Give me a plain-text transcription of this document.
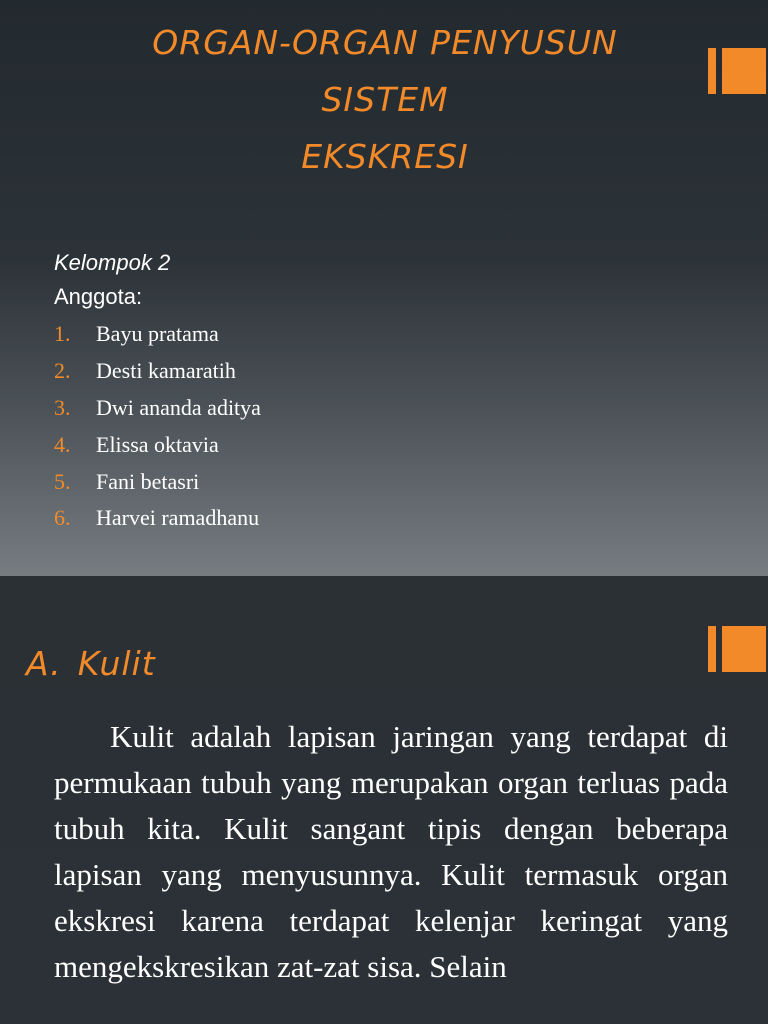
ORGAN-ORGAN PENYUSUN
SISTEM
EKSKRESI
Kelompok 2
Anggota:
1. Bayu pratama
2. Desti kamaratih
3. Dwi ananda aditya
4. Elissa oktavia
5. Fani betasri
6. Harvei ramadhanu
A. Kulit

Kulit adalah lapisan jaringan yang terdapat di permukaan tubuh yang merupakan organ terluas pada tubuh kita. Kulit sangant tipis dengan beberapa lapisan yang menyusunnya. Kulit termasuk organ ekskresi karena terdapat kelenjar keringat yang mengekskresikan zat-zat sisa. Selain
